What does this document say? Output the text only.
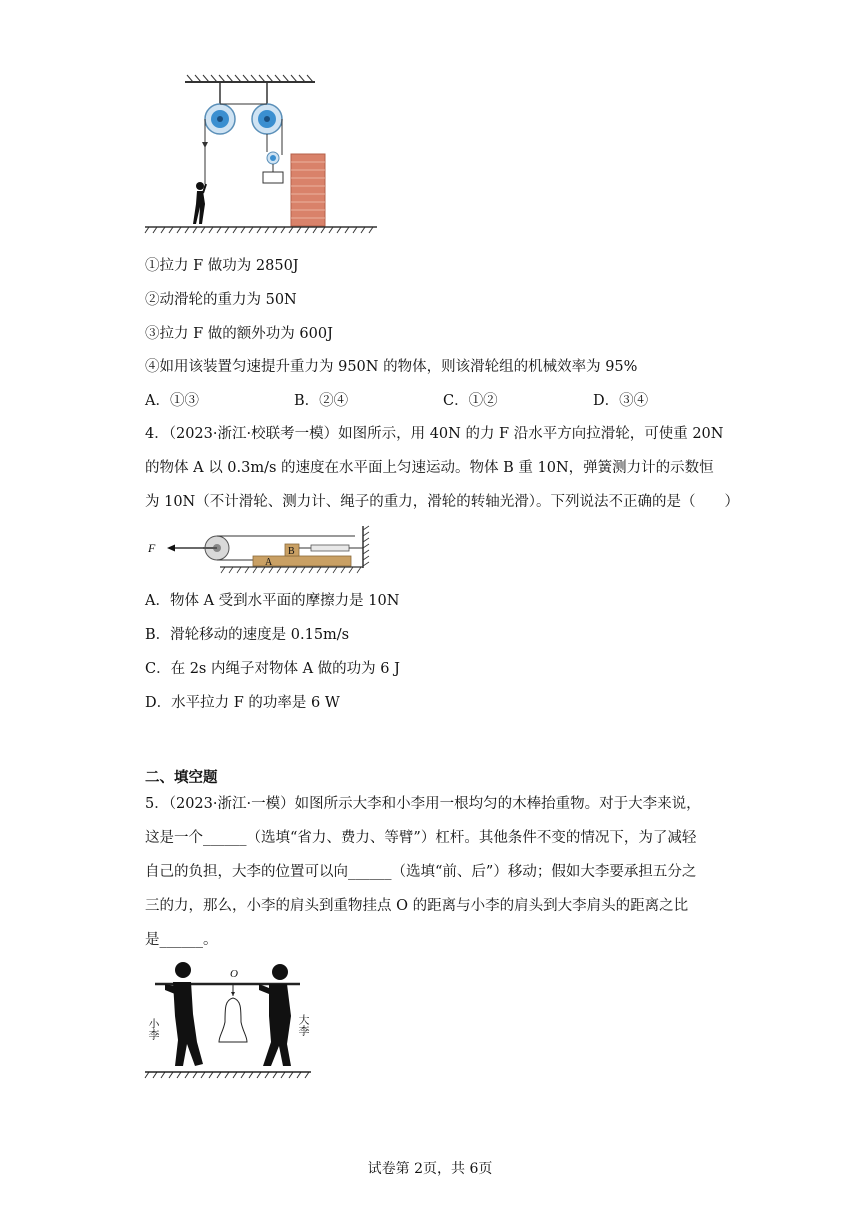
①拉力 F 做功为 2850J
②动滑轮的重力为 50N
③拉力 F 做的额外功为 600J
④如用该装置匀速提升重力为 950N 的物体，则该滑轮组的机械效率为 95%
A．①③	B．②④	C．①②	D．③④
4．（2023·浙江·校联考一模）如图所示，用 40N 的力 F 沿水平方向拉滑轮，可使重 20N
的物体 A 以 0.3m/s 的速度在水平面上匀速运动。物体 B 重 10N，弹簧测力计的示数恒
为 10N（不计滑轮、测力计、绳子的重力，滑轮的转轴光滑）。下列说法不正确的是（　　）
F
A
B
A．物体 A 受到水平面的摩擦力是 10N
B．滑轮移动的速度是 0.15m/s
C．在 2s 内绳子对物体 A 做的功为 6 J
D．水平拉力 F 的功率是 6 W
二、填空题
5．（2023·浙江·一模）如图所示大李和小李用一根均匀的木棒抬重物。对于大李来说，
这是一个______（选填“省力、费力、等臂”）杠杆。其他条件不变的情况下，为了减轻
自己的负担，大李的位置可以向______（选填“前、后”）移动；假如大李要承担五分之
三的力，那么，小李的肩头到重物挂点 O 的距离与小李的肩头到大李肩头的距离之比
是______。
O
小李	大李
试卷第 2页，共 6页
